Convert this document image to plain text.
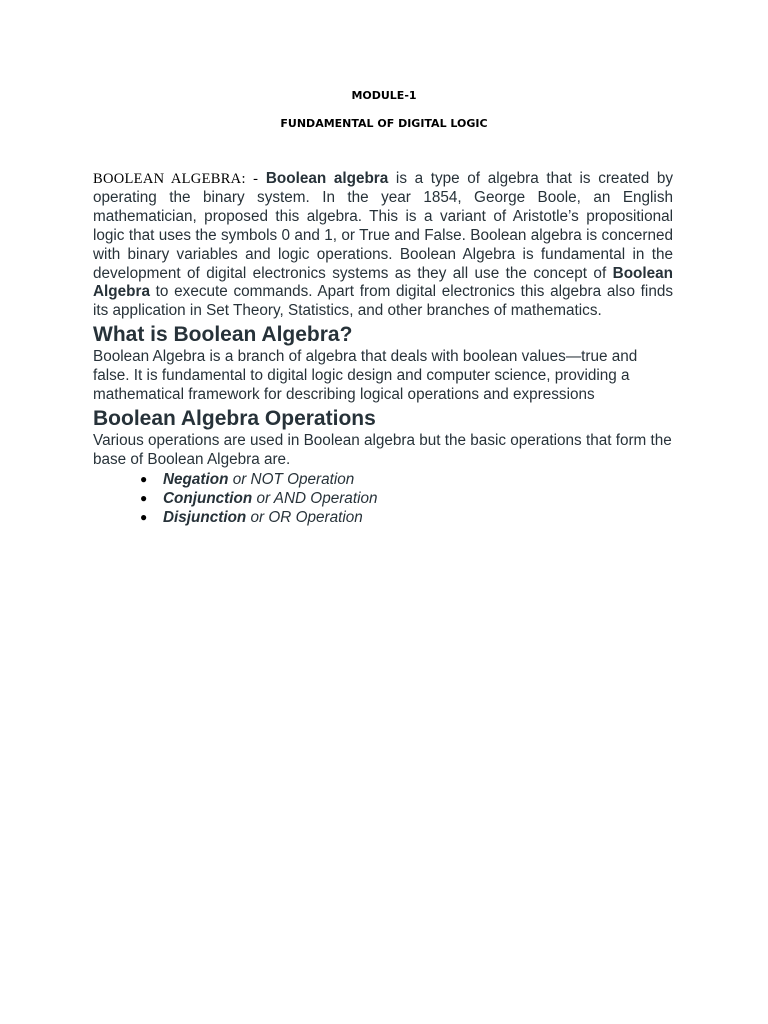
MODULE-1
FUNDAMENTAL OF DIGITAL LOGIC

BOOLEAN ALGEBRA: - Boolean algebra is a type of algebra that is created by operating the binary system. In the year 1854, George Boole, an English mathematician, proposed this algebra. This is a variant of Aristotle’s propositional logic that uses the symbols 0 and 1, or True and False. Boolean algebra is concerned with binary variables and logic operations. Boolean Algebra is fundamental in the development of digital electronics systems as they all use the concept of Boolean Algebra to execute commands. Apart from digital electronics this algebra also finds its application in Set Theory, Statistics, and other branches of mathematics.

What is Boolean Algebra?

Boolean Algebra is a branch of algebra that deals with boolean values—true and false. It is fundamental to digital logic design and computer science, providing a mathematical framework for describing logical operations and expressions

Boolean Algebra Operations

Various operations are used in Boolean algebra but the basic operations that form the base of Boolean Algebra are.

● Negation or NOT Operation
● Conjunction or AND Operation
● Disjunction or OR Operation
